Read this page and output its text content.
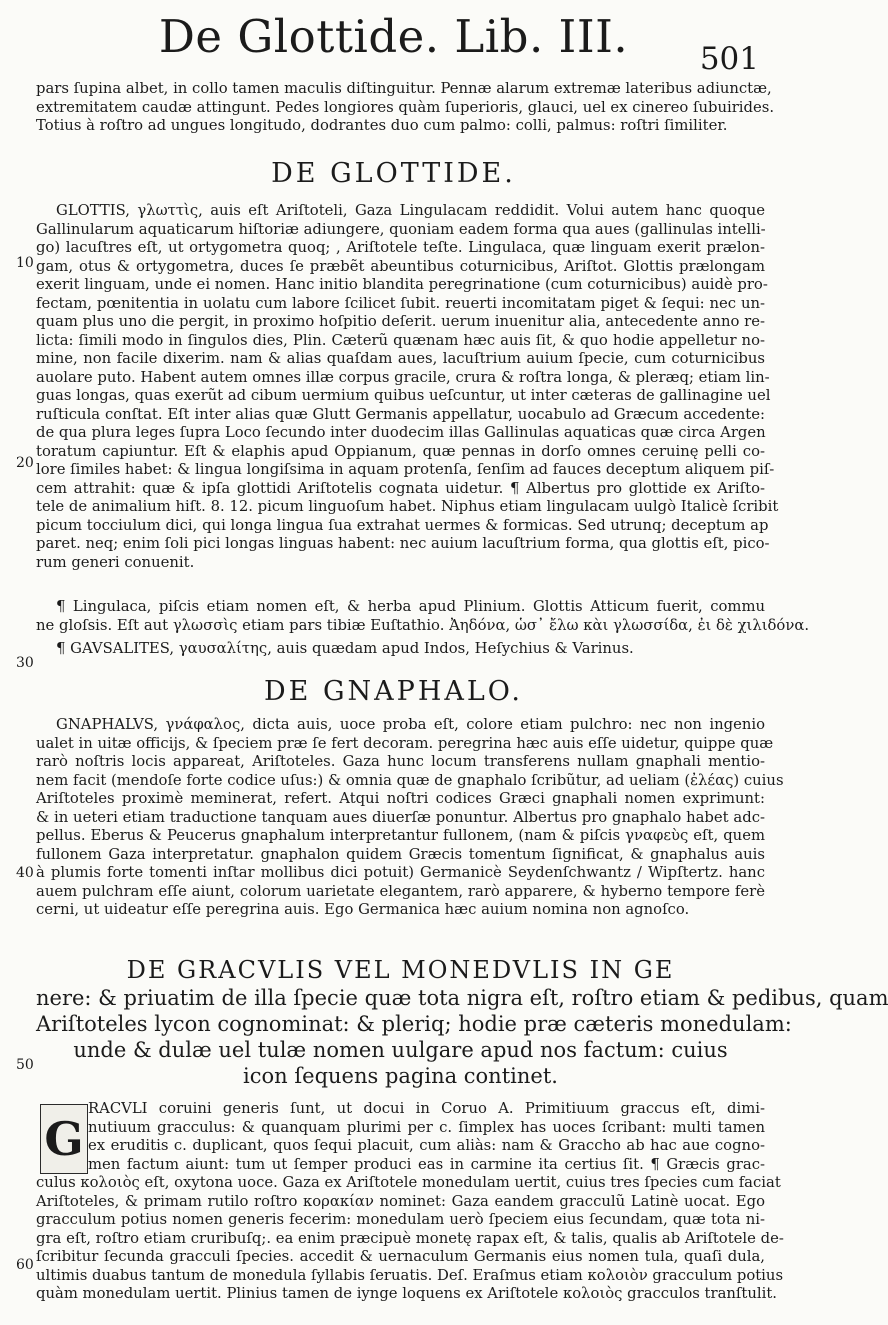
De Glottide. Lib. III.	501
pars ſupina albet, in collo tamen maculis diſtinguitur. Pennæ alarum extremæ lateribus adiunctæ,
extremitatem caudæ attingunt. Pedes longiores quàm ſuperioris, glauci, uel ex cinereo ſubuirides.
Totius à roſtro ad ungues longitudo, dodrantes duo cum palmo: colli, palmus: roſtri ſimiliter.
DE GLOTTIDE.
GLOTTIS, γλωττὶς, auis eſt Ariſtoteli, Gaza Lingulacam reddidit. Volui autem hanc quoque
Gallinularum aquaticarum hiſtoriæ adiungere, quoniam eadem forma qua aues (gallinulas intelli-
go) lacuſtres eſt, ut ortygometra quoq; , Ariſtotele teſte. Lingulaca, quæ linguam exerit prælon-
gam, otus & ortygometra, duces ſe præbẽt abeuntibus coturnicibus, Ariſtot. Glottis prælongam
exerit linguam, unde ei nomen. Hanc initio blandita peregrinatione (cum coturnicibus) auidè pro-
fectam, pœnitentia in uolatu cum labore ſcilicet ſubit. reuerti incomitatam piget & ſequi: nec un-
quam plus uno die pergit, in proximo hoſpitio deſerit. uerum inuenitur alia, antecedente anno re-
licta: ſimili modo in ſingulos dies, Plin. Cæterũ quænam hæc auis ſit, & quo hodie appelletur no-
mine, non facile dixerim. nam & alias quaſdam aues, lacuſtrium auium ſpecie, cum coturnicibus
auolare puto. Habent autem omnes illæ corpus gracile, crura & roſtra longa, & pleræq; etiam lin-
guas longas, quas exerũt ad cibum uermium quibus ueſcuntur, ut inter cæteras de gallinagine uel
ruſticula conſtat. Eſt inter alias quæ Glutt Germanis appellatur, uocabulo ad Græcum accedente:
de qua plura leges ſupra Loco ſecundo inter duodecim illas Gallinulas aquaticas quæ circa Argen
toratum capiuntur. Eſt & elaphis apud Oppianum, quæ pennas in dorſo omnes ceruinę pelli co-
lore ſimiles habet: & lingua longiſsima in aquam protenſa, ſenſim ad fauces deceptum aliquem piſ-
cem attrahit: quæ & ipſa glottidi Ariſtotelis cognata uidetur. ¶ Albertus pro glottide ex Ariſto-
tele de animalium hiſt. 8. 12. picum linguoſum habet. Niphus etiam lingulacam uulgò Italicè ſcribit
picum tocciulum dici, qui longa lingua ſua extrahat uermes & formicas. Sed utrunq; deceptum ap
paret. neq; enim ſoli pici longas linguas habent: nec auium lacuſtrium forma, qua glottis eſt, pico-
rum generi conuenit.
¶ Lingulaca, piſcis etiam nomen eſt, & herba apud Plinium. Glottis Atticum fuerit, commu
ne gloſsis. Eſt aut γλωσσὶς etiam pars tibiæ Euſtathio. Ἀηδόνα, ὡσ᾽ ἔλω κὰι γλωσσίδα, ἐι δὲ χιλιδόνα.
¶ GAVSALITES, γαυσαλίτης, auis quædam apud Indos, Heſychius & Varinus.
DE GNAPHALO.
GNAPHALVS, γνάφαλος, dicta auis, uoce proba eſt, colore etiam pulchro: nec non ingenio
ualet in uitæ officijs, & ſpeciem præ ſe fert decoram. peregrina hæc auis eſſe uidetur, quippe quæ
rarò noſtris locis appareat, Ariſtoteles. Gaza hunc locum transferens nullam gnaphali mentio-
nem facit (mendoſe forte codice uſus:) & omnia quæ de gnaphalo ſcribũtur, ad ueliam (ἐλέας) cuius
Ariſtoteles proximè meminerat, refert. Atqui noſtri codices Græci gnaphali nomen exprimunt:
& in ueteri etiam traductione tanquam aues diuerſæ ponuntur. Albertus pro gnaphalo habet adc-
pellus. Eberus & Peucerus gnaphalum interpretantur fullonem, (nam & piſcis γναφεὺς eſt, quem
fullonem Gaza interpretatur. gnaphalon quidem Græcis tomentum ſignificat, & gnaphalus auis
à plumis forte tomenti inſtar mollibus dici potuit) Germanicè Seydenſchwantz / Wipſtertz. hanc
auem pulchram eſſe aiunt, colorum uarietate elegantem, rarò apparere, & hyberno tempore ferè
cerni, ut uideatur eſſe peregrina auis. Ego Germanica hæc auium nomina non agnoſco.
DE GRACVLIS VEL MONEDVLIS IN GE
nere: & priuatim de illa ſpecie quæ tota nigra eſt, roſtro etiam & pedibus, quam
Ariſtoteles lycon cognominat: & pleriq; hodie præ cæteris monedulam:
unde & dulæ uel tulæ nomen uulgare apud nos factum: cuius
icon ſequens pagina continet.
G
RACVLI coruini generis ſunt, ut docui in Coruo A. Primitiuum graccus eſt, dimi-
nutiuum gracculus: & quanquam plurimi per c. ſimplex has uoces ſcribant: multi tamen
ex eruditis c. duplicant, quos ſequi placuit, cum aliàs: nam & Graccho ab hac aue cogno-
men factum aiunt: tum ut ſemper produci eas in carmine ita certius ſit. ¶ Græcis grac-
culus κολοιὸς eſt, oxytona uoce. Gaza ex Ariſtotele monedulam uertit, cuius tres ſpecies cum faciat
Ariſtoteles, & primam rutilo roſtro κορακίαν nominet: Gaza eandem gracculũ Latinè uocat. Ego
gracculum potius nomen generis fecerim: monedulam uerò ſpeciem eius ſecundam, quæ tota ni-
gra eſt, roſtro etiam cruribuſq;. ea enim præcipuè monetę rapax eſt, & talis, qualis ab Ariſtotele de-
ſcribitur ſecunda gracculi ſpecies. accedit & uernaculum Germanis eius nomen tula, quaſi dula,
ultimis duabus tantum de monedula ſyllabis ſeruatis. Deſ. Eraſmus etiam κολοιὸν gracculum potius
quàm monedulam uertit. Plinius tamen de iynge loquens ex Ariſtotele κολοιὸς gracculos tranſtulit.
10
20
30
40
50
60
